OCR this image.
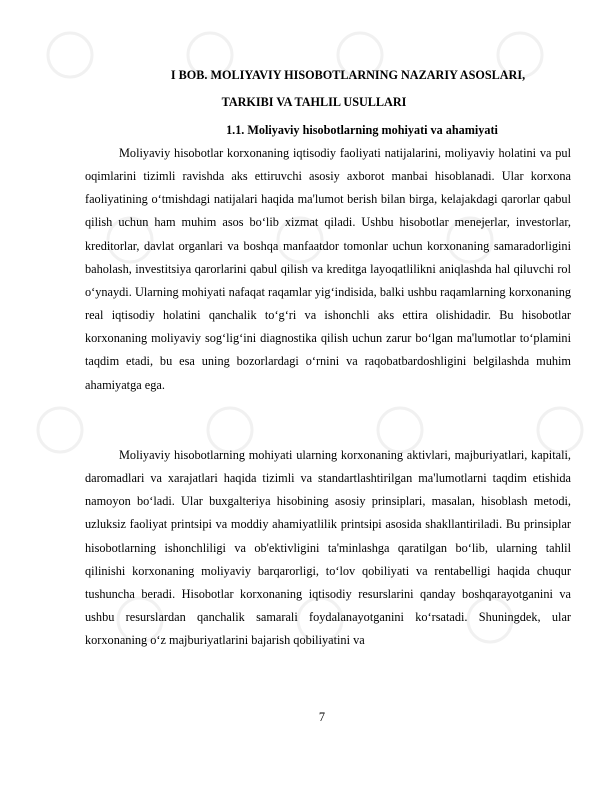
I BOB. MOLIYAVIY HISOBOTLARNING NAZARIY ASOSLARI,

TARKIBI VA TAHLIL USULLARI

1.1. Moliyaviy hisobotlarning mohiyati va ahamiyati

Moliyaviy hisobotlar korxonaning iqtisodiy faoliyati natijalarini, moliyaviy holatini va pul oqimlarini tizimli ravishda aks ettiruvchi asosiy axborot manbai hisoblanadi. Ular korxona faoliyatining o‘tmishdagi natijalari haqida ma'lumot berish bilan birga, kelajakdagi qarorlar qabul qilish uchun ham muhim asos bo‘lib xizmat qiladi. Ushbu hisobotlar menejerlar, investorlar, kreditorlar, davlat organlari va boshqa manfaatdor tomonlar uchun korxonaning samaradorligini baholash, investitsiya qarorlarini qabul qilish va kreditga layoqatlilikni aniqlashda hal qiluvchi rol o‘ynaydi. Ularning mohiyati nafaqat raqamlar yig‘indisida, balki ushbu raqamlarning korxonaning real iqtisodiy holatini qanchalik to‘g‘ri va ishonchli aks ettira olishidadir. Bu hisobotlar korxonaning moliyaviy sog‘lig‘ini diagnostika qilish uchun zarur bo‘lgan ma'lumotlar to‘plamini taqdim etadi, bu esa uning bozorlardagi o‘rnini va raqobatbardoshligini belgilashda muhim ahamiyatga ega.

Moliyaviy hisobotlarning mohiyati ularning korxonaning aktivlari, majburiyatlari, kapitali, daromadlari va xarajatlari haqida tizimli va standartlashtirilgan ma'lumotlarni taqdim etishida namoyon bo‘ladi. Ular buxgalteriya hisobining asosiy prinsiplari, masalan, hisoblash metodi, uzluksiz faoliyat printsipi va moddiy ahamiyatlilik printsipi asosida shakllantiriladi. Bu prinsiplar hisobotlarning ishonchliligi va ob'ektivligini ta'minlashga qaratilgan bo‘lib, ularning tahlil qilinishi korxonaning moliyaviy barqarorligi, to‘lov qobiliyati va rentabelligi haqida chuqur tushuncha beradi. Hisobotlar korxonaning iqtisodiy resurslarini qanday boshqarayotganini va ushbu resurslardan qanchalik samarali foydalanayotganini ko‘rsatadi. Shuningdek, ular korxonaning o‘z majburiyatlarini bajarish qobiliyatini va

7
